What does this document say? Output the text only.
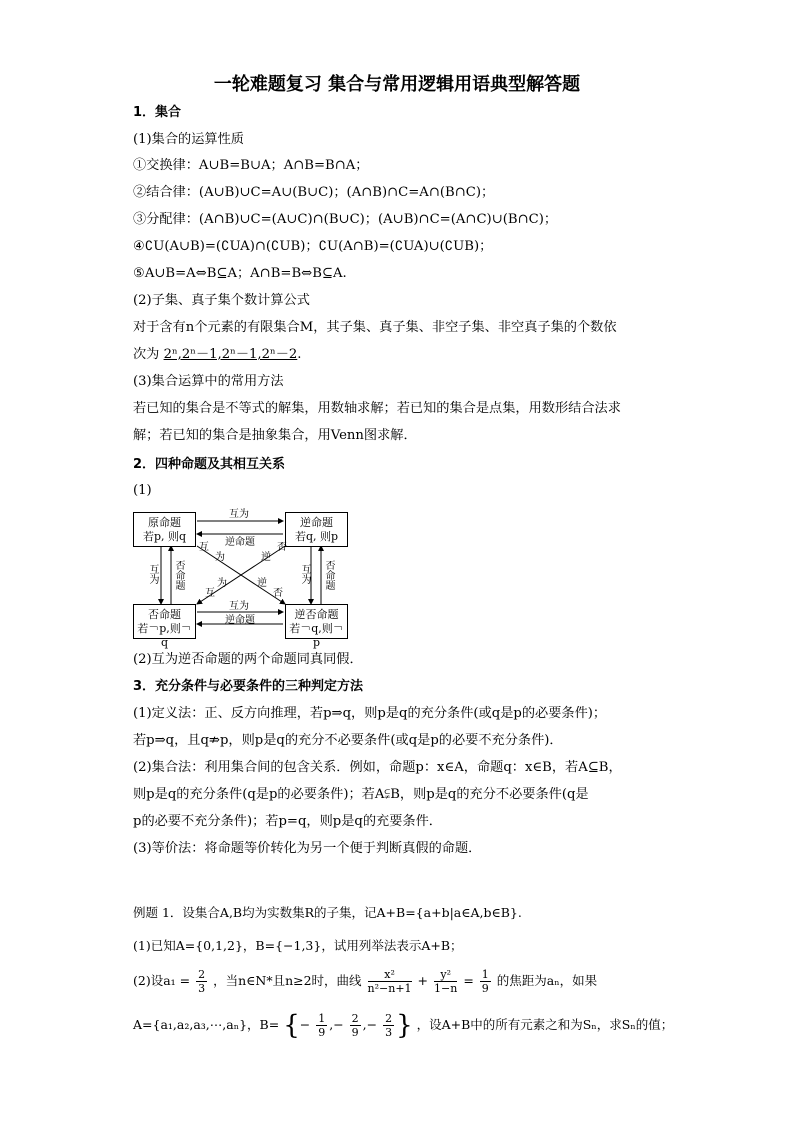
一轮难题复习 集合与常用逻辑用语典型解答题
1．集合
(1)集合的运算性质
①交换律：A∪B=B∪A；A∩B=B∩A；
②结合律：(A∪B)∪C=A∪(B∪C)；(A∩B)∩C=A∩(B∩C)；
③分配律：(A∩B)∪C=(A∪C)∩(B∪C)；(A∪B)∩C=(A∩C)∪(B∩C)；
④∁U(A∪B)=(∁UA)∩(∁UB)；∁U(A∩B)=(∁UA)∪(∁UB)；
⑤A∪B=A⇔B⊆A；A∩B=B⇔B⊆A.
(2)子集、真子集个数计算公式
对于含有n个元素的有限集合M，其子集、真子集、非空子集、非空真子集的个数依
次为 2ⁿ,2ⁿ－1,2ⁿ－1,2ⁿ－2.
(3)集合运算中的常用方法
若已知的集合是不等式的解集，用数轴求解；若已知的集合是点集，用数形结合法求
解；若已知的集合是抽象集合，用Venn图求解．
2．四种命题及其相互关系
(1)
原命题
若p, 则q
逆命题
若q, 则p
否命题
若￢p,则￢q
逆否命题
若￢q,则￢p
互为
逆命题
互为
逆命题
互为 否命题	互为 否命题
互
为
互
为
否
逆
逆
否
(2)互为逆否命题的两个命题同真同假．
3．充分条件与必要条件的三种判定方法
(1)定义法：正、反方向推理，若p⇒q，则p是q的充分条件(或q是p的必要条件)；
若p⇒q，且q⇏p，则p是q的充分不必要条件(或q是p的必要不充分条件)．
(2)集合法：利用集合间的包含关系．例如，命题p：x∈A，命题q：x∈B，若A⊆B，
则p是q的充分条件(q是p的必要条件)；若A⫋B，则p是q的充分不必要条件(q是
p的必要不充分条件)；若p=q，则p是q的充要条件．
(3)等价法：将命题等价转化为另一个便于判断真假的命题．
例题 1．设集合A,B均为实数集R的子集，记A+B={a+b|a∈A,b∈B}.
(1)已知A={0,1,2}，B={−1,3}，试用列举法表示A+B；
(2)设$a_1 = \frac{2}{3}$ ，当n∈N*且n≥2时，曲线 $\frac{\text{x²}}{\text{n²−n+1}} + \frac{\text{y²}}{1-n} = \frac{1}{9}$ 的焦距为aₙ，如果
A={a₁,a₂,a₃,⋯,aₙ}，B= {− $\frac{1}{9}$ ,− $\frac{2}{9}$ ,− $\frac{2}{3}$ } ，设A+B中的所有元素之和为Sₙ，求Sₙ的值；
